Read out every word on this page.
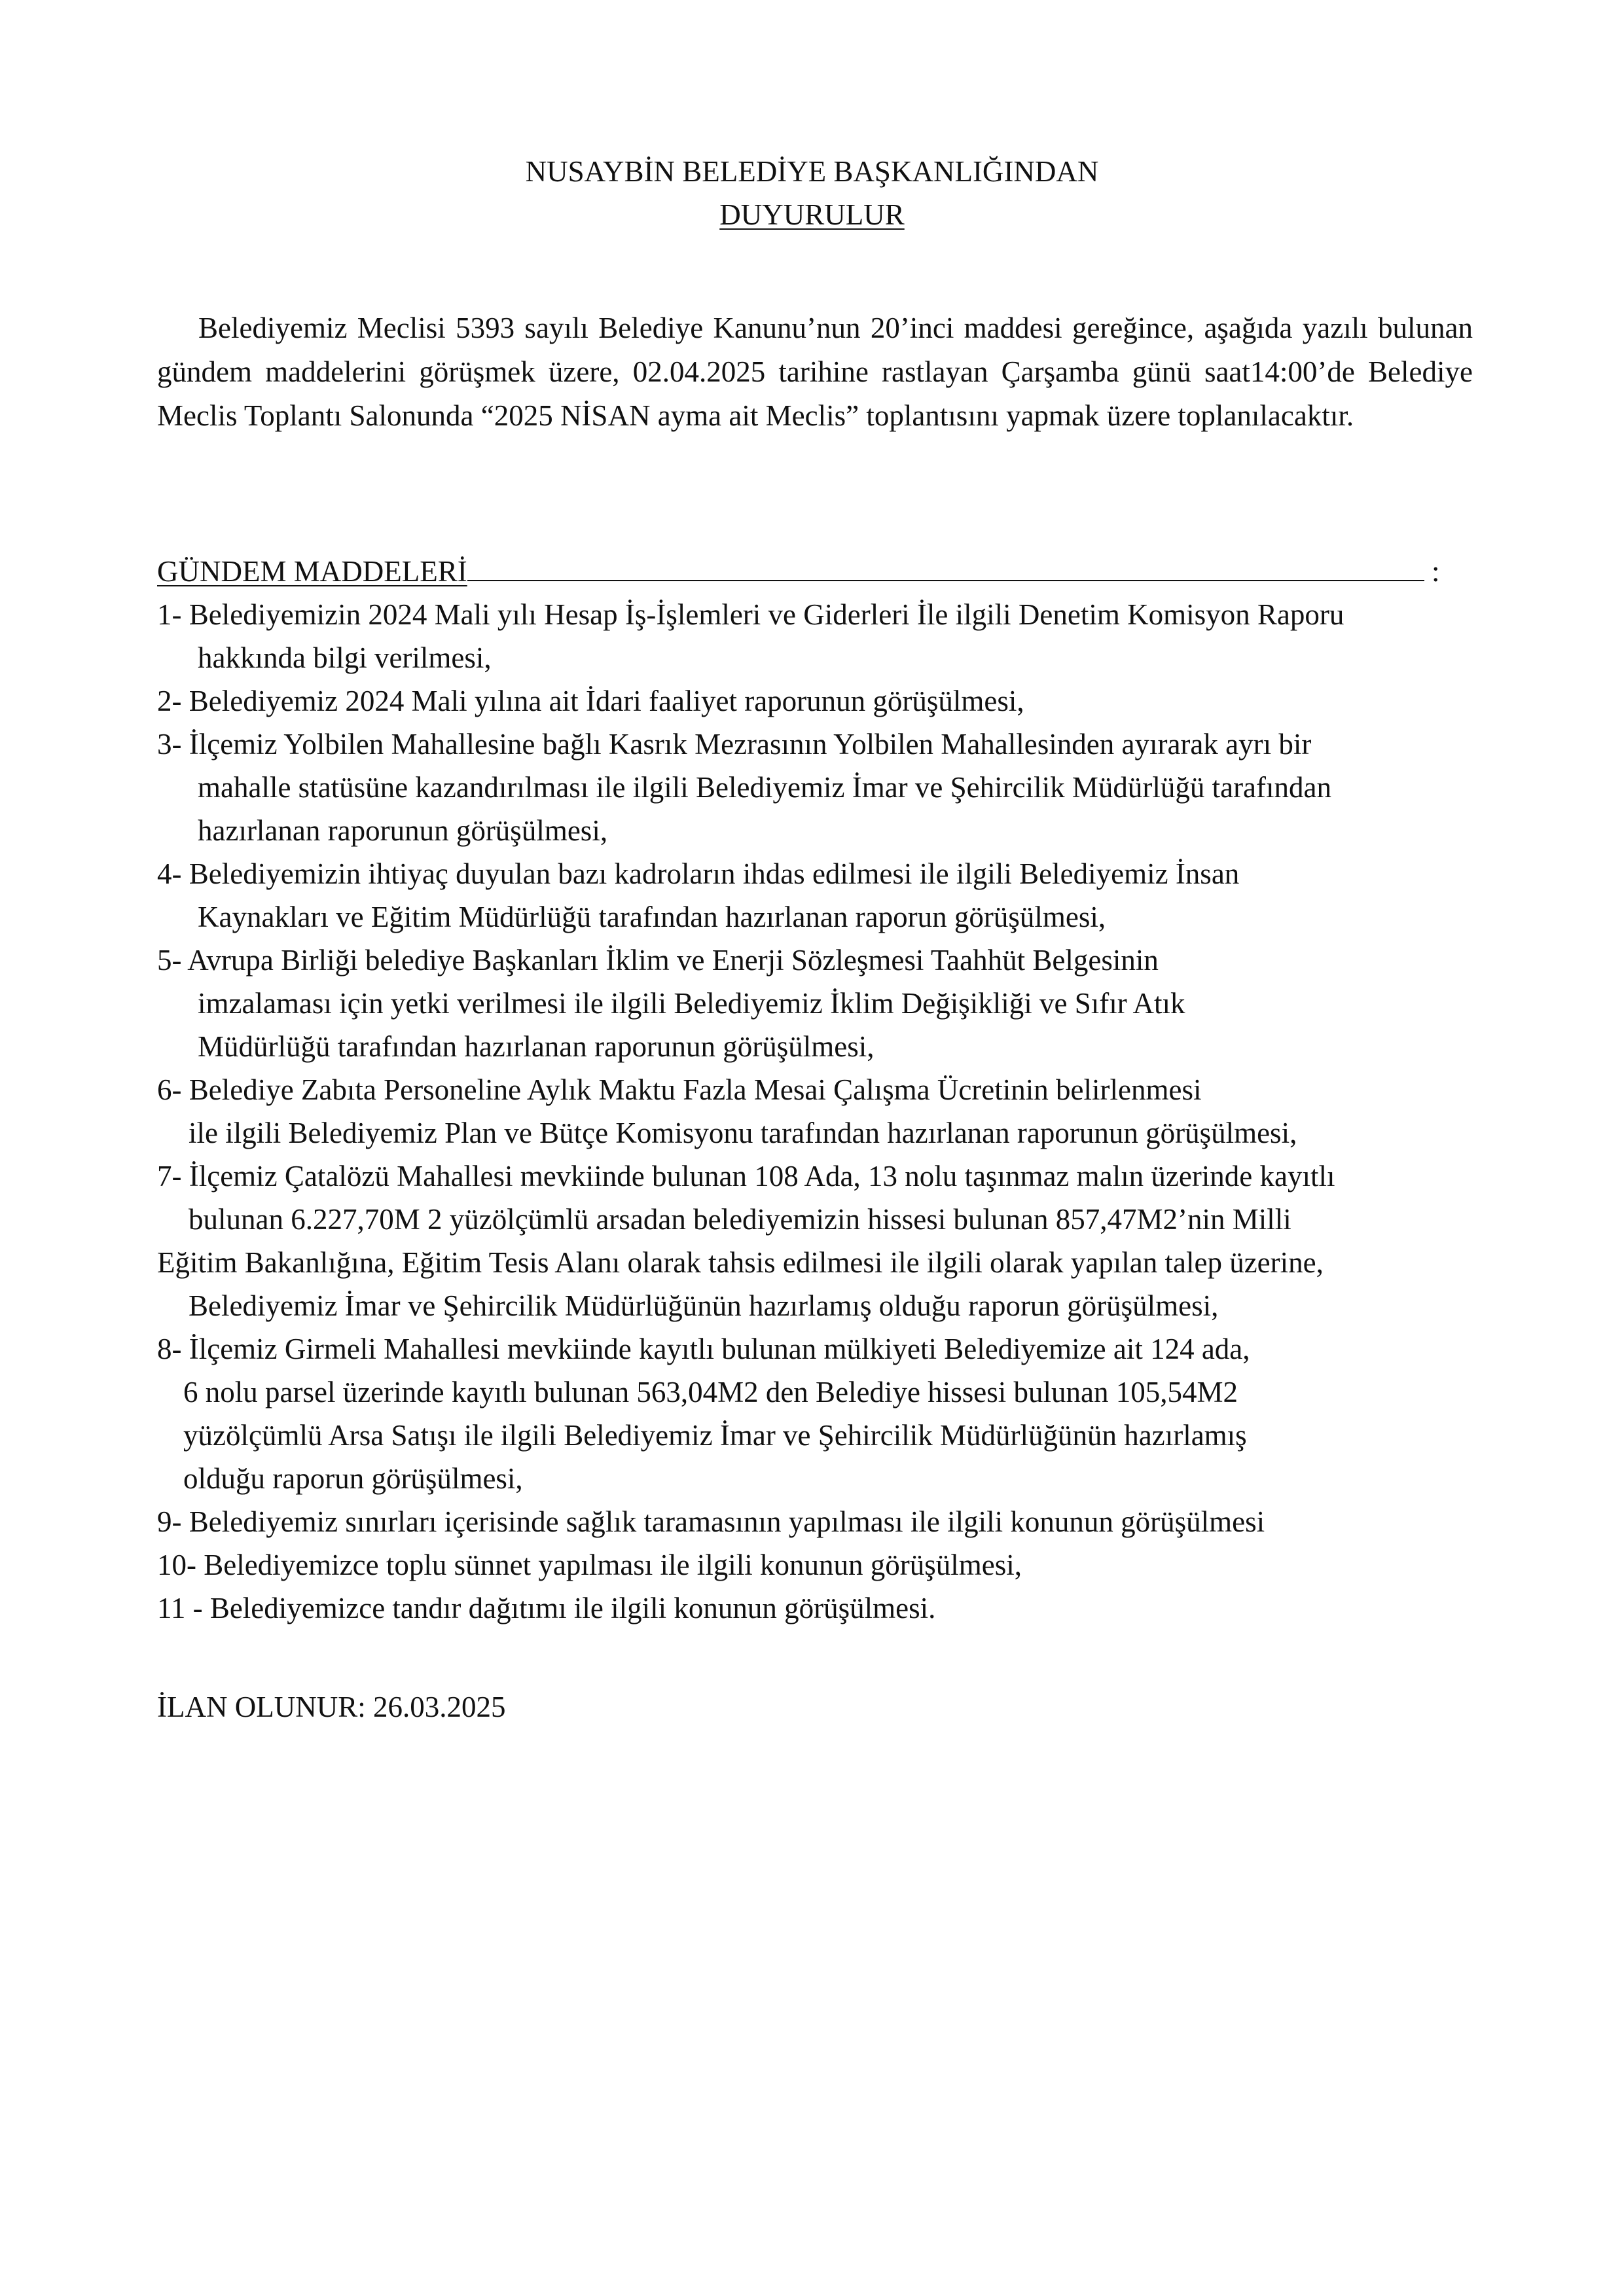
NUSAYBİN BELEDİYE BAŞKANLIĞINDAN
DUYURULUR

Belediyemiz Meclisi 5393 sayılı Belediye Kanunu’nun 20’inci maddesi gereğince, aşağıda yazılı bulunan gündem maddelerini görüşmek üzere, 02.04.2025 tarihine rastlayan Çarşamba günü saat14:00’de Belediye Meclis Toplantı Salonunda “2025 NİSAN ayma ait Meclis” toplantısını yapmak üzere toplanılacaktır.

GÜNDEM MADDELERİ	:
1- Belediyemizin 2024 Mali yılı Hesap İş-İşlemleri ve Giderleri İle ilgili Denetim Komisyon Raporu
hakkında bilgi verilmesi,
2- Belediyemiz 2024 Mali yılına ait İdari faaliyet raporunun görüşülmesi,
3- İlçemiz Yolbilen Mahallesine bağlı Kasrık Mezrasının Yolbilen Mahallesinden ayırarak ayrı bir
mahalle statüsüne kazandırılması ile ilgili Belediyemiz İmar ve Şehircilik Müdürlüğü tarafından
hazırlanan raporunun görüşülmesi,
4- Belediyemizin ihtiyaç duyulan bazı kadroların ihdas edilmesi ile ilgili Belediyemiz İnsan
Kaynakları ve Eğitim Müdürlüğü tarafından hazırlanan raporun görüşülmesi,
5- Avrupa Birliği belediye Başkanları İklim ve Enerji Sözleşmesi Taahhüt Belgesinin
imzalaması için yetki verilmesi ile ilgili Belediyemiz İklim Değişikliği ve Sıfır Atık
Müdürlüğü tarafından hazırlanan raporunun görüşülmesi,
6- Belediye Zabıta Personeline Aylık Maktu Fazla Mesai Çalışma Ücretinin belirlenmesi
ile ilgili Belediyemiz Plan ve Bütçe Komisyonu tarafından hazırlanan raporunun görüşülmesi,
7- İlçemiz Çatalözü Mahallesi mevkiinde bulunan 108 Ada, 13 nolu taşınmaz malın üzerinde kayıtlı
bulunan 6.227,70M 2 yüzölçümlü arsadan belediyemizin hissesi bulunan 857,47M2’nin Milli
Eğitim Bakanlığına, Eğitim Tesis Alanı olarak tahsis edilmesi ile ilgili olarak yapılan talep üzerine,
Belediyemiz İmar ve Şehircilik Müdürlüğünün hazırlamış olduğu raporun görüşülmesi,
8- İlçemiz Girmeli Mahallesi mevkiinde kayıtlı bulunan mülkiyeti Belediyemize ait 124 ada,
6 nolu parsel üzerinde kayıtlı bulunan 563,04M2 den Belediye hissesi bulunan 105,54M2
yüzölçümlü Arsa Satışı ile ilgili Belediyemiz İmar ve Şehircilik Müdürlüğünün hazırlamış
olduğu raporun görüşülmesi,
9- Belediyemiz sınırları içerisinde sağlık taramasının yapılması ile ilgili konunun görüşülmesi
10- Belediyemizce toplu sünnet yapılması ile ilgili konunun görüşülmesi,
11 - Belediyemizce tandır dağıtımı ile ilgili konunun görüşülmesi.

İLAN OLUNUR: 26.03.2025
